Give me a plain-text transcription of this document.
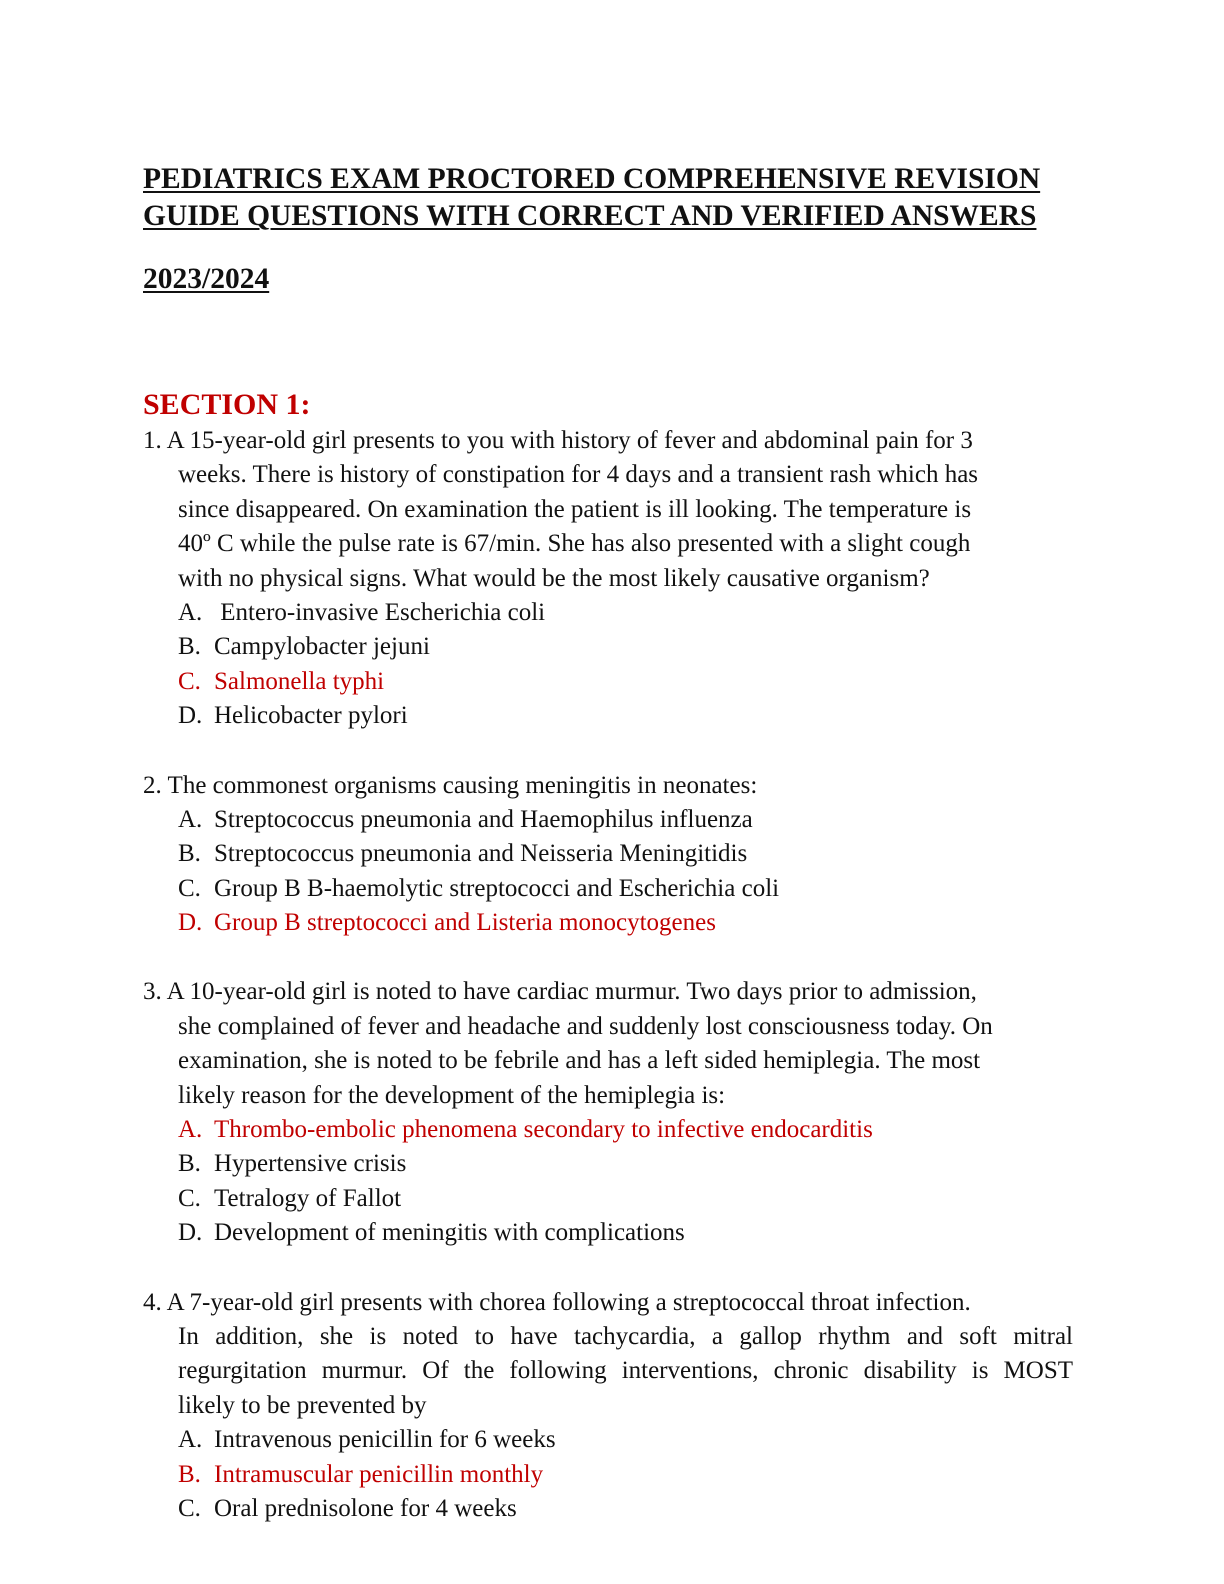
PEDIATRICS EXAM PROCTORED COMPREHENSIVE REVISION
GUIDE QUESTIONS WITH CORRECT AND VERIFIED ANSWERS

2023/2024

SECTION 1:
1. A 15-year-old girl presents to you with history of fever and abdominal pain for 3
weeks. There is history of constipation for 4 days and a transient rash which has
since disappeared. On examination the patient is ill looking. The temperature is
40º C while the pulse rate is 67/min. She has also presented with a slight cough
with no physical signs. What would be the most likely causative organism?
A. Entero-invasive Escherichia coli
B. Campylobacter jejuni
C. Salmonella typhi
D. Helicobacter pylori
2. The commonest organisms causing meningitis in neonates:
A. Streptococcus pneumonia and Haemophilus influenza
B. Streptococcus pneumonia and Neisseria Meningitidis
C. Group B B-haemolytic streptococci and Escherichia coli
D. Group B streptococci and Listeria monocytogenes
3. A 10-year-old girl is noted to have cardiac murmur. Two days prior to admission,
she complained of fever and headache and suddenly lost consciousness today. On
examination, she is noted to be febrile and has a left sided hemiplegia. The most
likely reason for the development of the hemiplegia is:
A. Thrombo-embolic phenomena secondary to infective endocarditis
B. Hypertensive crisis
C. Tetralogy of Fallot
D. Development of meningitis with complications
4. A 7-year-old girl presents with chorea following a streptococcal throat infection.
In addition, she is noted to have tachycardia, a gallop rhythm and soft mitral
regurgitation murmur. Of the following interventions, chronic disability is MOST
likely to be prevented by
A. Intravenous penicillin for 6 weeks
B. Intramuscular penicillin monthly
C. Oral prednisolone for 4 weeks
